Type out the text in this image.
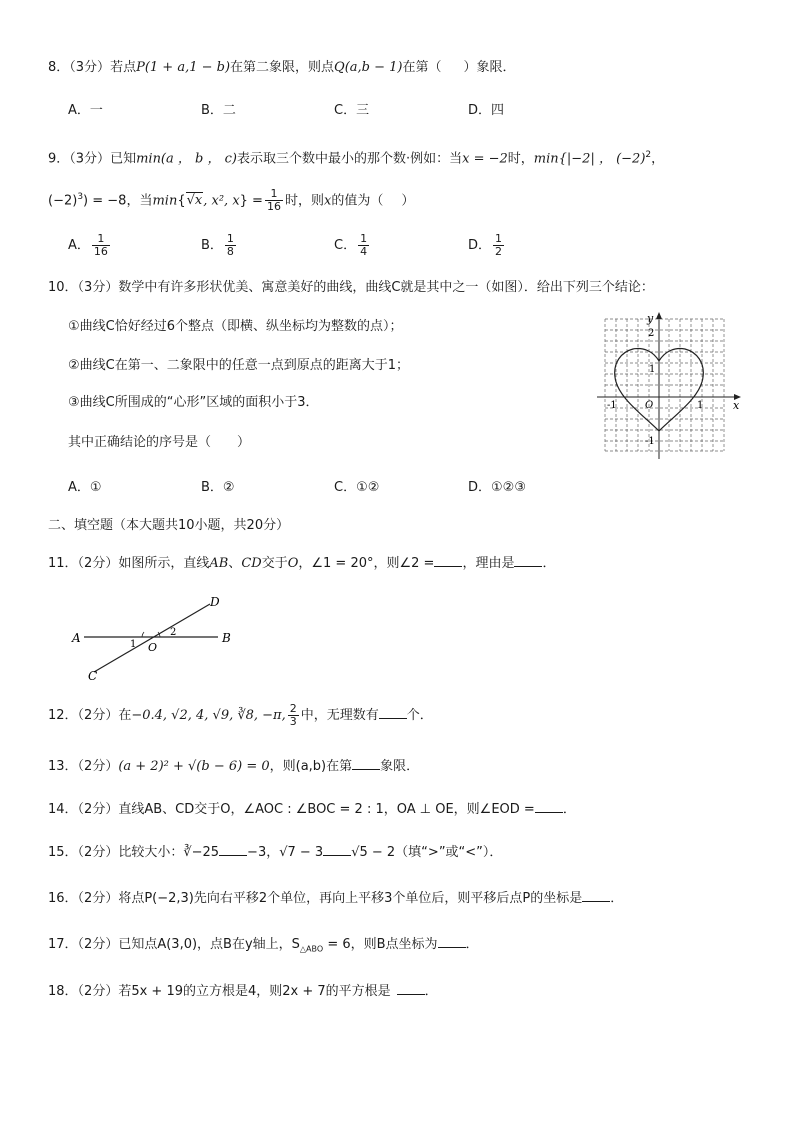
8．（3分）若点P(1 + a,1 − b)在第二象限，则点Q(a,b − 1)在第（ ）象限．
A．一	B．二	C．三	D．四
9．（3分）已知min(a ， b ， c)表示取三个数中最小的那个数·例如：当x = −2时，min{|−2| ， $(-2)^2$，
$(-2)^3) = -8$，当min{√x, x², $x\} = \frac{1}{16}$ 时，则x的值为（ ）
A． $\frac{1}{16}$	B． $\frac{1}{8}$	C． $\frac{1}{4}$	D． $\frac{1}{2}$
10．（3分）数学中有许多形状优美、寓意美好的曲线，曲线C就是其中之一（如图）．给出下列三个结论：
①曲线C恰好经过6个整点（即横、纵坐标均为整数的点）；
②曲线C在第一、二象限中的任意一点到原点的距离大于1；
③曲线C所围成的“心形”区域的面积小于3．
其中正确结论的序号是（　　）
A．①	B．②	C．①②	D．①②③
y
x
O
2
1
-1	1
-1
二、填空题（本大题共10小题，共20分）
11．（2分）如图所示，直线AB、CD交于O，∠1 = 20°，则∠2 = ，理由是 ．
A	B
C
D
O
1
2
12．（2分）在−0.4, √2, 4, √9, ∛8, −π, $\frac{2}{3}$ 中，无理数有 个．
13．（2分）(a + 2)² + √(b − 6) = 0，则(a,b)在第 象限．
14．（2分）直线AB、CD交于O，∠AOC : ∠BOC = 2 : 1，OA ⊥ OE，则∠EOD = ．
15．（2分）比较大小：∛−25 −3，√7 − 3 √5 − 2（填“>”或“<”）．
16．（2分）将点P(−2,3)先向右平移2个单位，再向上平移3个单位后，则平移后点P的坐标是 ．
17．（2分）已知点A(3,0)，点B在y轴上，$S_{\triangle ABO} = 6$，则B点坐标为 ．
18．（2分）若5x + 19的立方根是4，则2x + 7的平方根是	．
